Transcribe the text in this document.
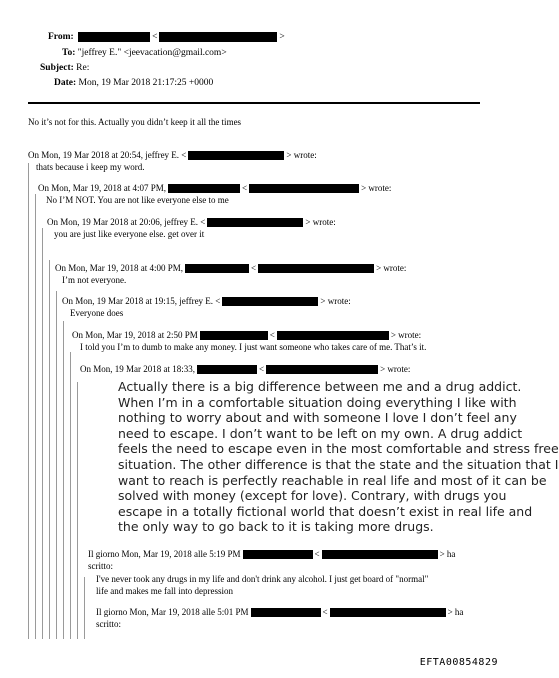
From:	<	>
To: "jeffrey E." <jeevacation@gmail.com>
Subject: Re:
Date: Mon, 19 Mar 2018 21:17:25 +0000
No it’s not for this. Actually you didn’t keep it all the times
On Mon, 19 Mar 2018 at 20:54, jeffrey E. <	> wrote:
thats because i keep my word.
On Mon, Mar 19, 2018 at 4:07 PM,	<	> wrote:
No I’M NOT. You are not like everyone else to me
On Mon, 19 Mar 2018 at 20:06, jeffrey E. <	> wrote:
you are just like everyone else. get over it
On Mon, Mar 19, 2018 at 4:00 PM,	<	> wrote:
I’m not everyone.
On Mon, 19 Mar 2018 at 19:15, jeffrey E. <	> wrote:
Everyone does
On Mon, Mar 19, 2018 at 2:50 PM	<	> wrote:
I told you I’m to dumb to make any money. I just want someone who takes care of me. That’s it.
On Mon, 19 Mar 2018 at 18:33,	<	> wrote:
Actually there is a big difference between me and a drug addict.
When I’m in a comfortable situation doing everything I like with
nothing to worry about and with someone I love I don’t feel any
need to escape. I don’t want to be left on my own. A drug addict
feels the need to escape even in the most comfortable and stress free
situation. The other difference is that the state and the situation that I
want to reach is perfectly reachable in real life and most of it can be
solved with money (except for love). Contrary, with drugs you
escape in a totally fictional world that doesn’t exist in real life and
the only way to go back to it is taking more drugs.
Il giorno Mon, Mar 19, 2018 alle 5:19 PM	<	> ha
scritto:
I've never took any drugs in my life and don't drink any alcohol. I just get board of "normal"
life and makes me fall into depression
Il giorno Mon, Mar 19, 2018 alle 5:01 PM	<	> ha
scritto:
EFTA00854829
